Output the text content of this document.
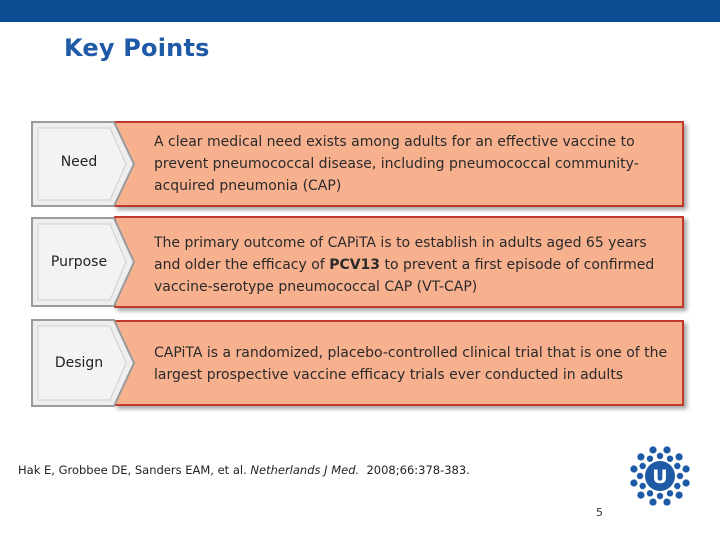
Key Points
A clear medical need exists among adults for an effective vaccine to prevent pneumococcal disease, including pneumococcal community-acquired pneumonia (CAP)
Need
The primary outcome of CAPiTA is to establish in adults aged 65 years and older the efficacy of PCV13 to prevent a first episode of confirmed vaccine-serotype pneumococcal CAP (VT-CAP)
Purpose
CAPiTA is a randomized, placebo-controlled clinical trial that is one of the largest prospective vaccine efficacy trials ever conducted in adults
Design
Hak E, Grobbee DE, Sanders EAM, et al. Netherlands J Med. 2008;66:378-383.
5
U
